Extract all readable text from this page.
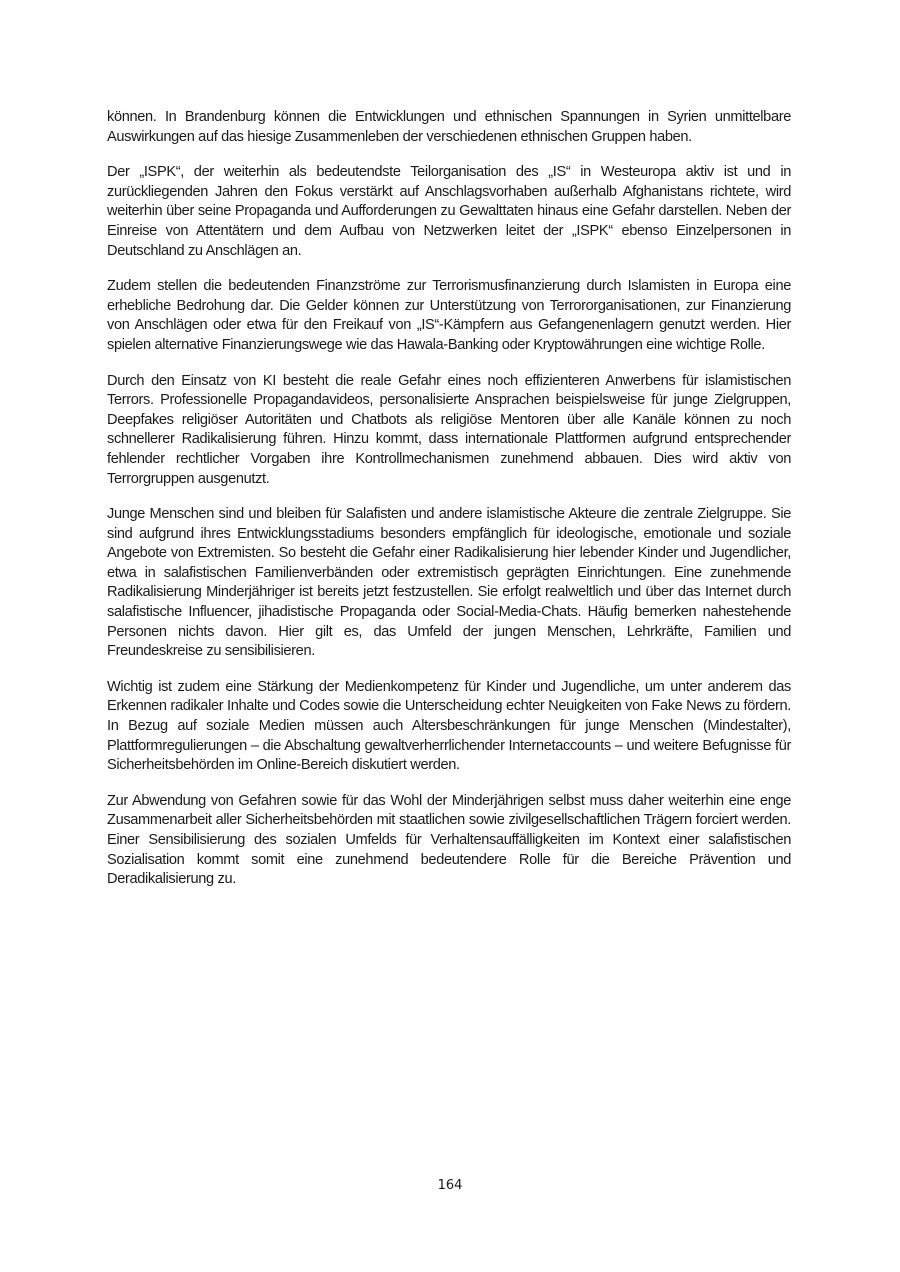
können. In Brandenburg können die Entwicklungen und ethnischen Spannungen in Syrien unmittelbare Auswirkungen auf das hiesige Zusammenleben der verschiedenen ethnischen Gruppen haben.

Der „ISPK“, der weiterhin als bedeutendste Teilorganisation des „IS“ in Westeuropa aktiv ist und in zurückliegenden Jahren den Fokus verstärkt auf Anschlagsvorhaben außerhalb Afghanistans richtete, wird weiterhin über seine Propaganda und Aufforderungen zu Gewalttaten hinaus eine Gefahr darstellen. Neben der Einreise von Attentätern und dem Aufbau von Netzwerken leitet der „ISPK“ ebenso Einzelpersonen in Deutschland zu Anschlägen an.

Zudem stellen die bedeutenden Finanzströme zur Terrorismusfinanzierung durch Islamisten in Europa eine erhebliche Bedrohung dar. Die Gelder können zur Unterstützung von Terrororganisationen, zur Finanzierung von Anschlägen oder etwa für den Freikauf von „IS“-Kämpfern aus Gefangenenlagern genutzt werden. Hier spielen alternative Finanzierungswege wie das Hawala-Banking oder Kryptowährungen eine wichtige Rolle.

Durch den Einsatz von KI besteht die reale Gefahr eines noch effizienteren Anwerbens für islamistischen Terrors. Professionelle Propagandavideos, personalisierte Ansprachen beispielsweise für junge Zielgruppen, Deepfakes religiöser Autoritäten und Chatbots als religiöse Mentoren über alle Kanäle können zu noch schnellerer Radikalisierung führen. Hinzu kommt, dass internationale Plattformen aufgrund entsprechender fehlender rechtlicher Vorgaben ihre Kontrollmechanismen zunehmend abbauen. Dies wird aktiv von Terrorgruppen ausgenutzt.

Junge Menschen sind und bleiben für Salafisten und andere islamistische Akteure die zentrale Zielgruppe. Sie sind aufgrund ihres Entwicklungsstadiums besonders empfänglich für ideologische, emotionale und soziale Angebote von Extremisten. So besteht die Gefahr einer Radikalisierung hier lebender Kinder und Jugendlicher, etwa in salafistischen Familienverbänden oder extremistisch geprägten Einrichtungen. Eine zunehmende Radikalisierung Minderjähriger ist bereits jetzt festzustellen. Sie erfolgt realweltlich und über das Internet durch salafistische Influencer, jihadistische Propaganda oder Social-Media-Chats. Häufig bemerken nahestehende Personen nichts davon. Hier gilt es, das Umfeld der jungen Menschen, Lehrkräfte, Familien und Freundeskreise zu sensibilisieren.

Wichtig ist zudem eine Stärkung der Medienkompetenz für Kinder und Jugendliche, um unter anderem das Erkennen radikaler Inhalte und Codes sowie die Unterscheidung echter Neuigkeiten von Fake News zu fördern. In Bezug auf soziale Medien müssen auch Altersbeschränkungen für junge Menschen (Mindestalter), Plattformregulierungen – die Abschaltung gewaltverherrlichender Internetaccounts – und weitere Befugnisse für Sicherheitsbehörden im Online-Bereich diskutiert werden.

Zur Abwendung von Gefahren sowie für das Wohl der Minderjährigen selbst muss daher weiterhin eine enge Zusammenarbeit aller Sicherheitsbehörden mit staatlichen sowie zivilgesellschaftlichen Trägern forciert werden. Einer Sensibilisierung des sozialen Umfelds für Verhaltensauffälligkeiten im Kontext einer salafistischen Sozialisation kommt somit eine zunehmend bedeutendere Rolle für die Bereiche Prävention und Deradikalisierung zu.

164
